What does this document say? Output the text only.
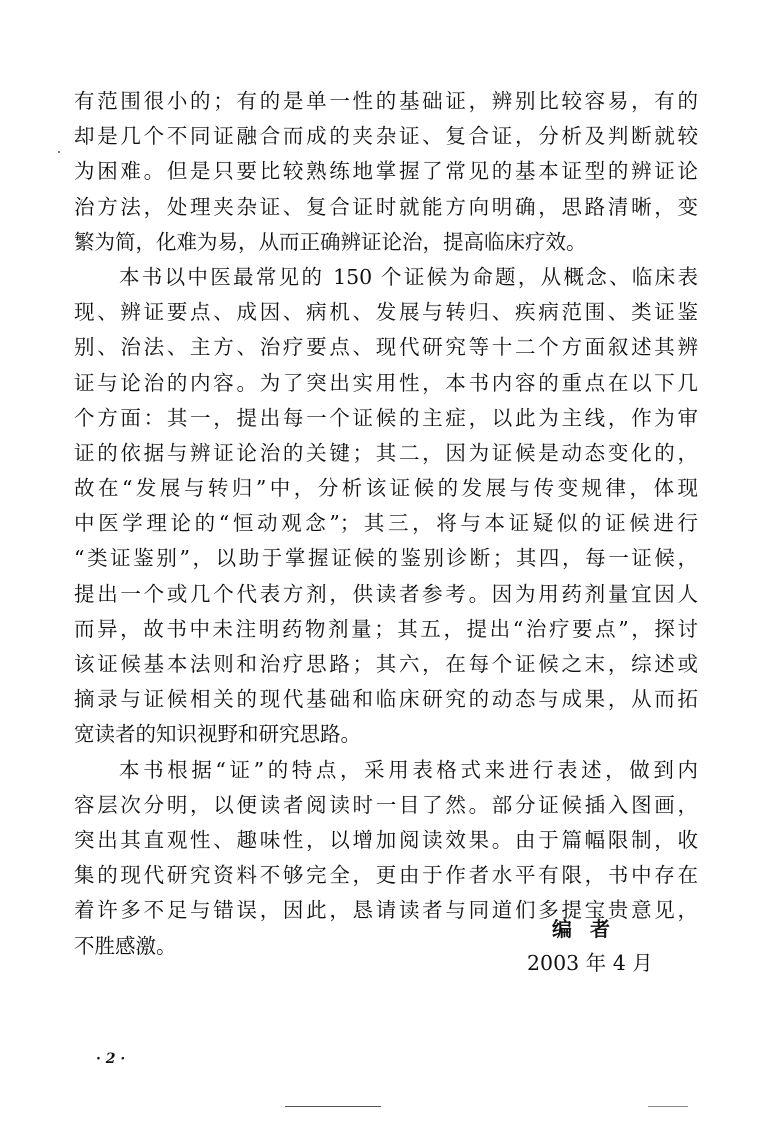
有范围很小的；有的是单一性的基础证，辨别比较容易，有的
却是几个不同证融合而成的夹杂证、复合证，分析及判断就较
为困难。但是只要比较熟练地掌握了常见的基本证型的辨证论
治方法，处理夹杂证、复合证时就能方向明确，思路清晰，变
繁为简，化难为易，从而正确辨证论治，提高临床疗效。
本书以中医最常见的 150 个证候为命题，从概念、临床表
现、辨证要点、成因、病机、发展与转归、疾病范围、类证鉴
别、治法、主方、治疗要点、现代研究等十二个方面叙述其辨
证与论治的内容。为了突出实用性，本书内容的重点在以下几
个方面：其一，提出每一个证候的主症，以此为主线，作为审
证的依据与辨证论治的关键；其二，因为证候是动态变化的，
故在“发展与转归”中，分析该证候的发展与传变规律，体现
中医学理论的“恒动观念”；其三，将与本证疑似的证候进行
“类证鉴别”，以助于掌握证候的鉴别诊断；其四，每一证候，
提出一个或几个代表方剂，供读者参考。因为用药剂量宜因人
而异，故书中未注明药物剂量；其五，提出“治疗要点”，探讨
该证候基本法则和治疗思路；其六，在每个证候之末，综述或
摘录与证候相关的现代基础和临床研究的动态与成果，从而拓
宽读者的知识视野和研究思路。
本书根据“证”的特点，采用表格式来进行表述，做到内
容层次分明，以便读者阅读时一目了然。部分证候插入图画，
突出其直观性、趣味性，以增加阅读效果。由于篇幅限制，收
集的现代研究资料不够完全，更由于作者水平有限，书中存在
着许多不足与错误，因此，恳请读者与同道们多提宝贵意见，
不胜感激。
编者
2003 年 4 月
· 2 ·
